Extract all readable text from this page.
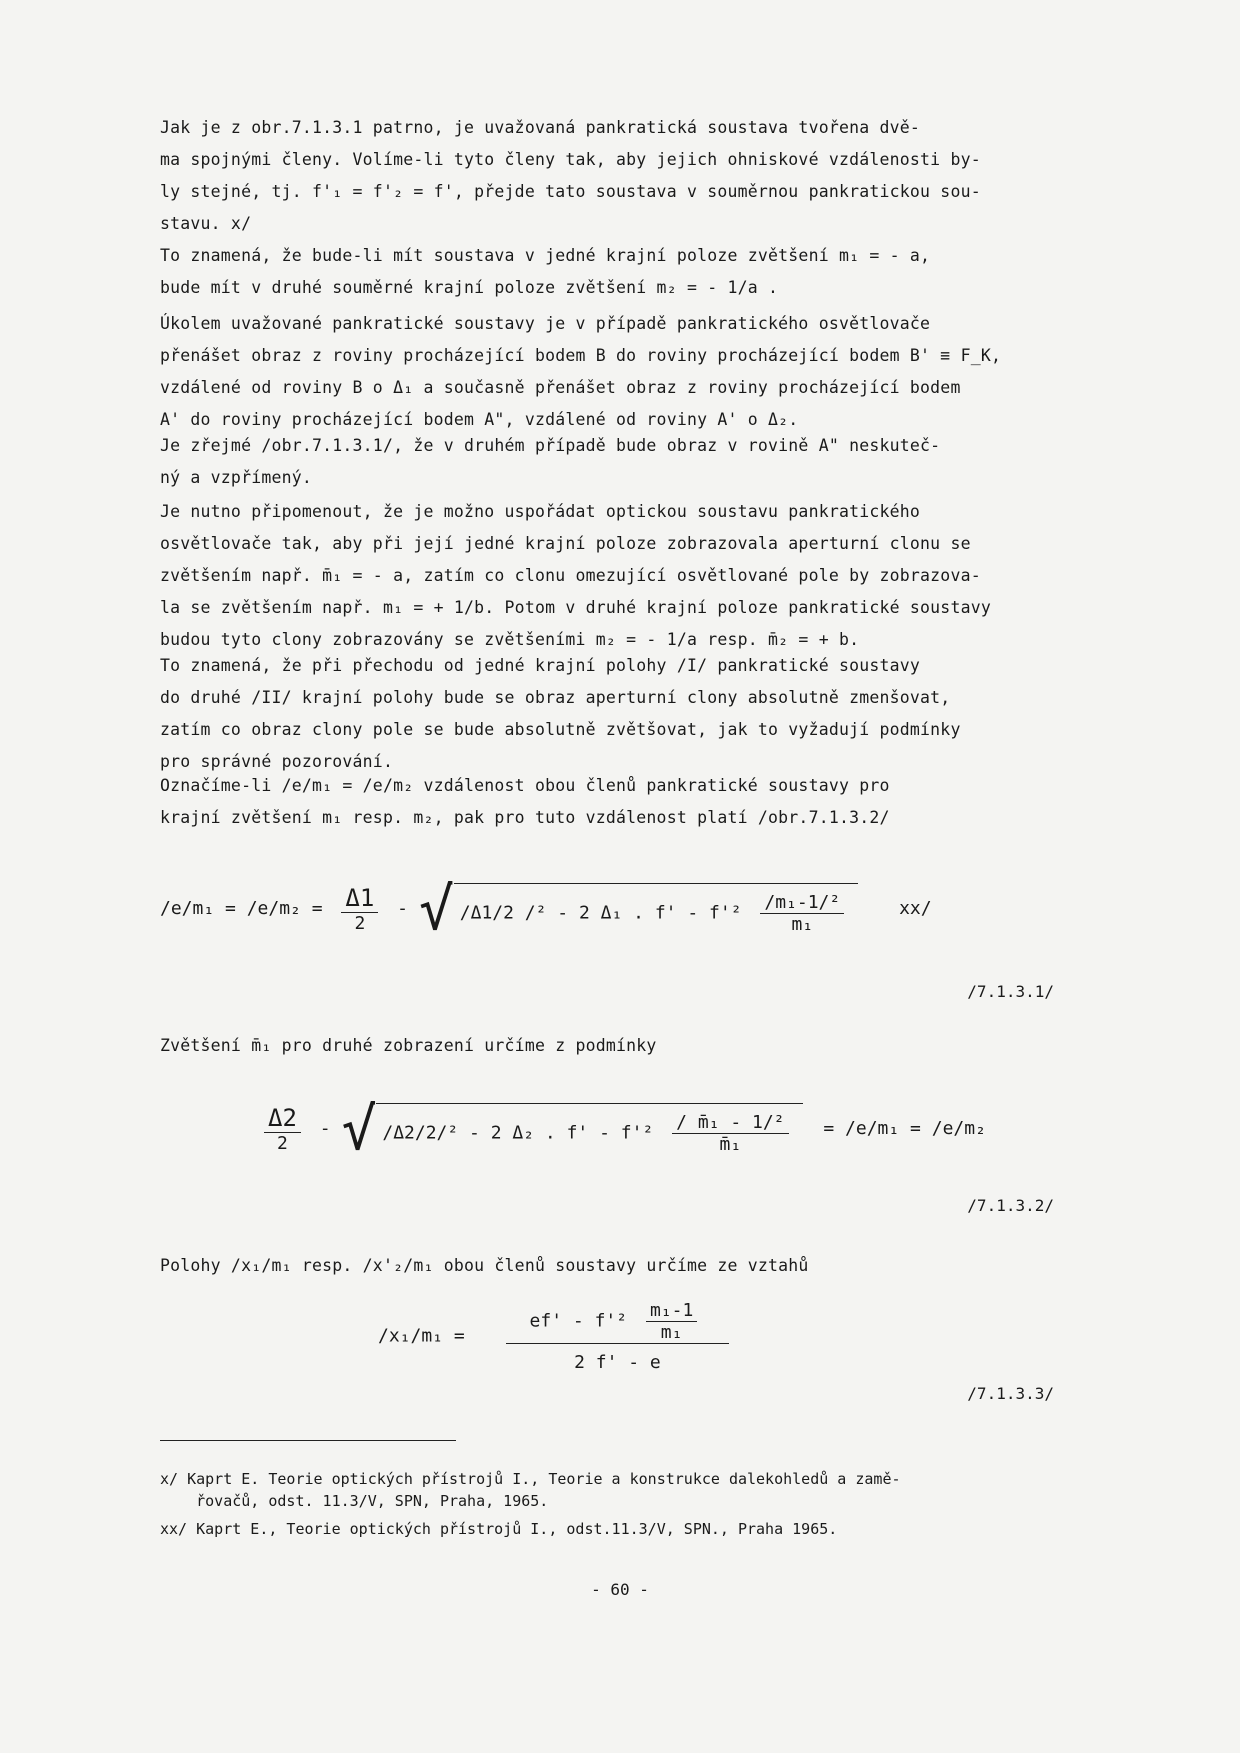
Jak je z obr.7.1.3.1 patrno, je uvažovaná pankratická soustava tvořena dvě-
ma spojnými členy. Volíme-li tyto členy tak, aby jejich ohniskové vzdálenosti by-
ly stejné, tj. f'₁ = f'₂ = f', přejde tato soustava v souměrnou pankratickou sou-
stavu. x/

To znamená, že bude-li mít soustava v jedné krajní poloze zvětšení m₁ = - a,
bude mít v druhé souměrné krajní poloze zvětšení m₂ = - 1/a .

Úkolem uvažované pankratické soustavy je v případě pankratického osvětlovače
přenášet obraz z roviny procházející bodem B do roviny procházející bodem B' ≡ F_K,
vzdálené od roviny B o Δ₁ a současně přenášet obraz z roviny procházející bodem
A' do roviny procházející bodem A", vzdálené od roviny A' o Δ₂.

Je zřejmé /obr.7.1.3.1/, že v druhém případě bude obraz v rovině A" neskuteč-
ný a vzpřímený.

Je nutno připomenout, že je možno uspořádat optickou soustavu pankratického
osvětlovače tak, aby při její jedné krajní poloze zobrazovala aperturní clonu se
zvětšením např. m̄₁ = - a, zatím co clonu omezující osvětlované pole by zobrazova-
la se zvětšením např. m₁ = + 1/b. Potom v druhé krajní poloze pankratické soustavy
budou tyto clony zobrazovány se zvětšeními m₂ = - 1/a resp. m̄₂ = + b.

To znamená, že při přechodu od jedné krajní polohy /I/ pankratické soustavy
do druhé /II/ krajní polohy bude se obraz aperturní clony absolutně zmenšovat,
zatím co obraz clony pole se bude absolutně zvětšovat, jak to vyžadují podmínky
pro správné pozorování.

Označíme-li /e/m₁ = /e/m₂ vzdálenost obou členů pankratické soustavy pro
krajní zvětšení m₁ resp. m₂, pak pro tuto vzdálenost platí /obr.7.1.3.2/

$/e/m_1 = /e/m_2 = \frac{\Delta 1}{2}$ - √ /Δ1/2 /² - 2 Δ₁ . f' - $f'^2 \frac{\text{/m₁-1/²}}{\text{m₁}}$	xx/
/7.1.3.1/

Zvětšení m̄₁ pro druhé zobrazení určíme z podmínky

$\frac{\Delta 2}{2}$ - √ /Δ2/2/² - 2 Δ₂ . $f' - f'^2 \frac{\text{/ m̄₁ - 1/²}}{\text{m̄₁}} = /e/m_1 = /e/m_2$
/7.1.3.2/

Polohy /x₁/m₁ resp. /x'₂/m₁ obou členů soustavy určíme ze vztahů

$/x_1/m_1 = \frac{ef' - f'^2 \frac{\text{m₁-1}}{\text{m₁}}}{2 f' - e}$
/7.1.3.3/
x/ Kaprt E. Teorie optických přístrojů I., Teorie a konstrukce dalekohledů a zamě-
řovačů, odst. 11.3/V, SPN, Praha, 1965.
xx/ Kaprt E., Teorie optických přístrojů I., odst.11.3/V, SPN., Praha 1965.
- 60 -
